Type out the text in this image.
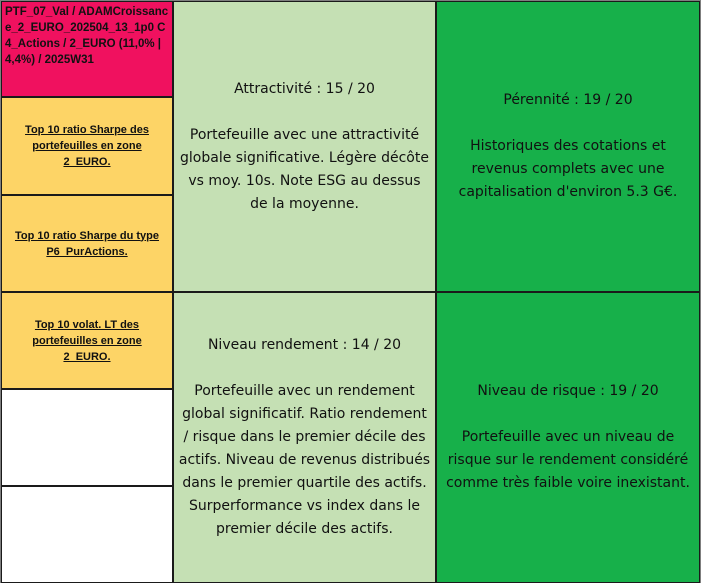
PTF_07_Val / ADAMCroissance_2_EURO_202504_13_1p0 C4_Actions / 2_EURO (11,0% | 4,4%) / 2025W31
Top 10 ratio Sharpe des portefeuilles en zone 2_EURO.
Top 10 ratio Sharpe du type P6_PurActions.
Top 10 volat. LT des portefeuilles en zone 2_EURO.
Attractivité : 15 / 20
Portefeuille avec une attractivité globale significative. Légère décôte vs moy. 10s. Note ESG au dessus de la moyenne.
Niveau rendement : 14 / 20
Portefeuille avec un rendement global significatif. Ratio rendement / risque dans le premier décile des actifs. Niveau de revenus distribués dans le premier quartile des actifs. Surperformance vs index dans le premier décile des actifs.
Pérennité : 19 / 20
Historiques des cotations et revenus complets avec une capitalisation d'environ 5.3 G€.
Niveau de risque : 19 / 20
Portefeuille avec un niveau de risque sur le rendement considéré comme très faible voire inexistant.
